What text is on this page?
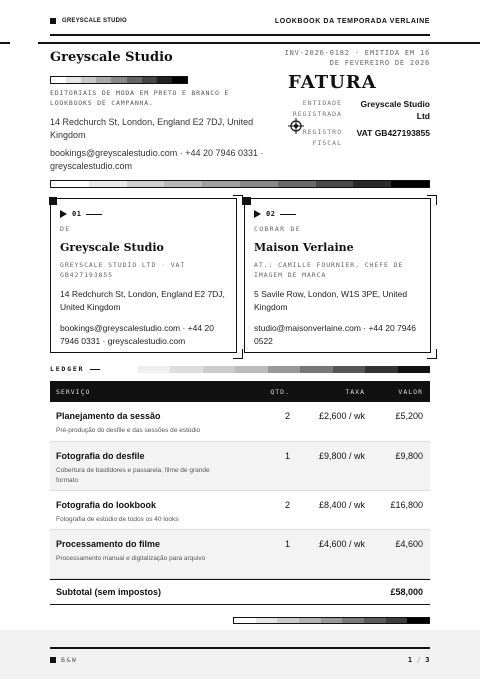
GREYSCALE STUDIO	LOOKBOOK DA TEMPORADA VERLAINE
Greyscale Studio
EDITORIAIS DE MODA EM PRETO E BRANCO E LOOKBOOKS DE CAMPANHA.
14 Redchurch St, London, England E2 7DJ, United Kingdom
bookings@greyscalestudio.com · +44 20 7946 0331 · greyscalestudio.com
INV-2026-0182 · EMITIDA EM 16 DE FEVEREIRO DE 2026
FATURA
ENTIDADE REGISTRADA
Greyscale Studio Ltd
REGISTRO FISCAL
VAT GB427193855
01
DE
Greyscale Studio
GREYSCALE STUDIO LTD · VAT GB427193855
14 Redchurch St, London, England E2 7DJ, United Kingdom
bookings@greyscalestudio.com · +44 20 7946 0331 · greyscalestudio.com
02
COBRAR DE
Maison Verlaine
AT.: CAMILLE FOURNIER, CHEFE DE IMAGEM DE MARCA
5 Savile Row, London, W1S 3PE, United Kingdom
studio@maisonverlaine.com · +44 20 7946 0522
LEDGER
SERVIÇO	QTD.	TAXA	VALOR
Planejamento da sessão
Pré-produção do desfile e das sessões de estúdio
2	£2,600 / wk	£5,200
Fotografia do desfile
Cobertura de bastidores e passarela, filme de grande formato
1	£9,800 / wk	£9,800
Fotografia do lookbook
Fotografia de estúdio de todos os 40 looks
2	£8,400 / wk	£16,800
Processamento do filme
Processamento manual e digitalização para arquivo
1	£4,600 / wk	£4,600
Subtotal (sem impostos)	£58,000
B&W	1 / 3
